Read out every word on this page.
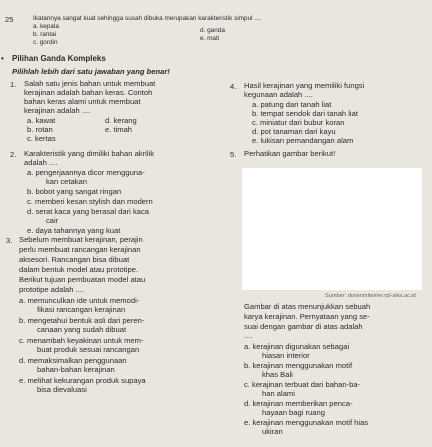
25	Ikatannya sangat kuat sehingga susah dibuka merupakan karakteristik simpul ....
a. kepala
b. rantai
c. gordin
d. ganda
e. mati
• Pilihan Ganda Kompleks
Pilihlah lebih dari satu jawaban yang benar!
1. Salah satu jenis bahan untuk membuat
kerajinan adalah bahan keras. Contoh
bahan keras alami untuk membuat
kerajinan adalah ....
a. kawat	d. kerang
b. rotan	e. timah
c. kertas
4. Hasil kerajinan yang memiliki fungsi
kegunaan adalah ....
a. patung dari tanah liat
b. tempat sendok dari tanah liat
c. miniatur dari bubur koran
d. pot tanaman dari kayu
e. lukisan pemandangan alam
2. Karakteristik yang dimiliki bahan akrilik
adalah ....
a. pengerjaannya dicor mengguna-
kan cetakan
b. bobot yang sangat ringan
c. memberi kesan stylish dan modern
d. serat kaca yang berasal dari kaca
cair
e. daya tahannya yang kuat
5. Perhatikan gambar berikut!
Sumber: dosenmitemer.rpl-sika.ac.id
3. Sebelum membuat kerajinan, perajin
perlu membuat rancangan kerajinan
aksesori. Rancangan bisa dibuat
dalam bentuk model atau prototipe.
Berikut tujuan pembuatan model atau
prototipe adalah ....
a. memunculkan ide untuk memodi-
fikasi rancangan kerajinan
b. mengetahui bentuk asli dari peren-
canaan yang sudah dibuat
c. menambah keyakinan untuk mem-
buat produk sesuai rancangan
d. memaksimalkan penggunaan
bahan-bahan kerajinan
e. melihat kekurangan produk supaya
bisa dievaluasi
Gambar di atas menunjukkan sebuah
karya kerajinan. Pernyataan yang se-
suai dengan gambar di atas adalah
....
a. kerajinan digunakan sebagai
hiasan interior
b. kerajinan menggunakan motif
khas Bali
c. kerajinan terbuat dari bahan-ba-
han alami
d. kerajinan memberikan penca-
hayaan bagi ruang
e. kerajinan menggunakan motif hias
ukiran
